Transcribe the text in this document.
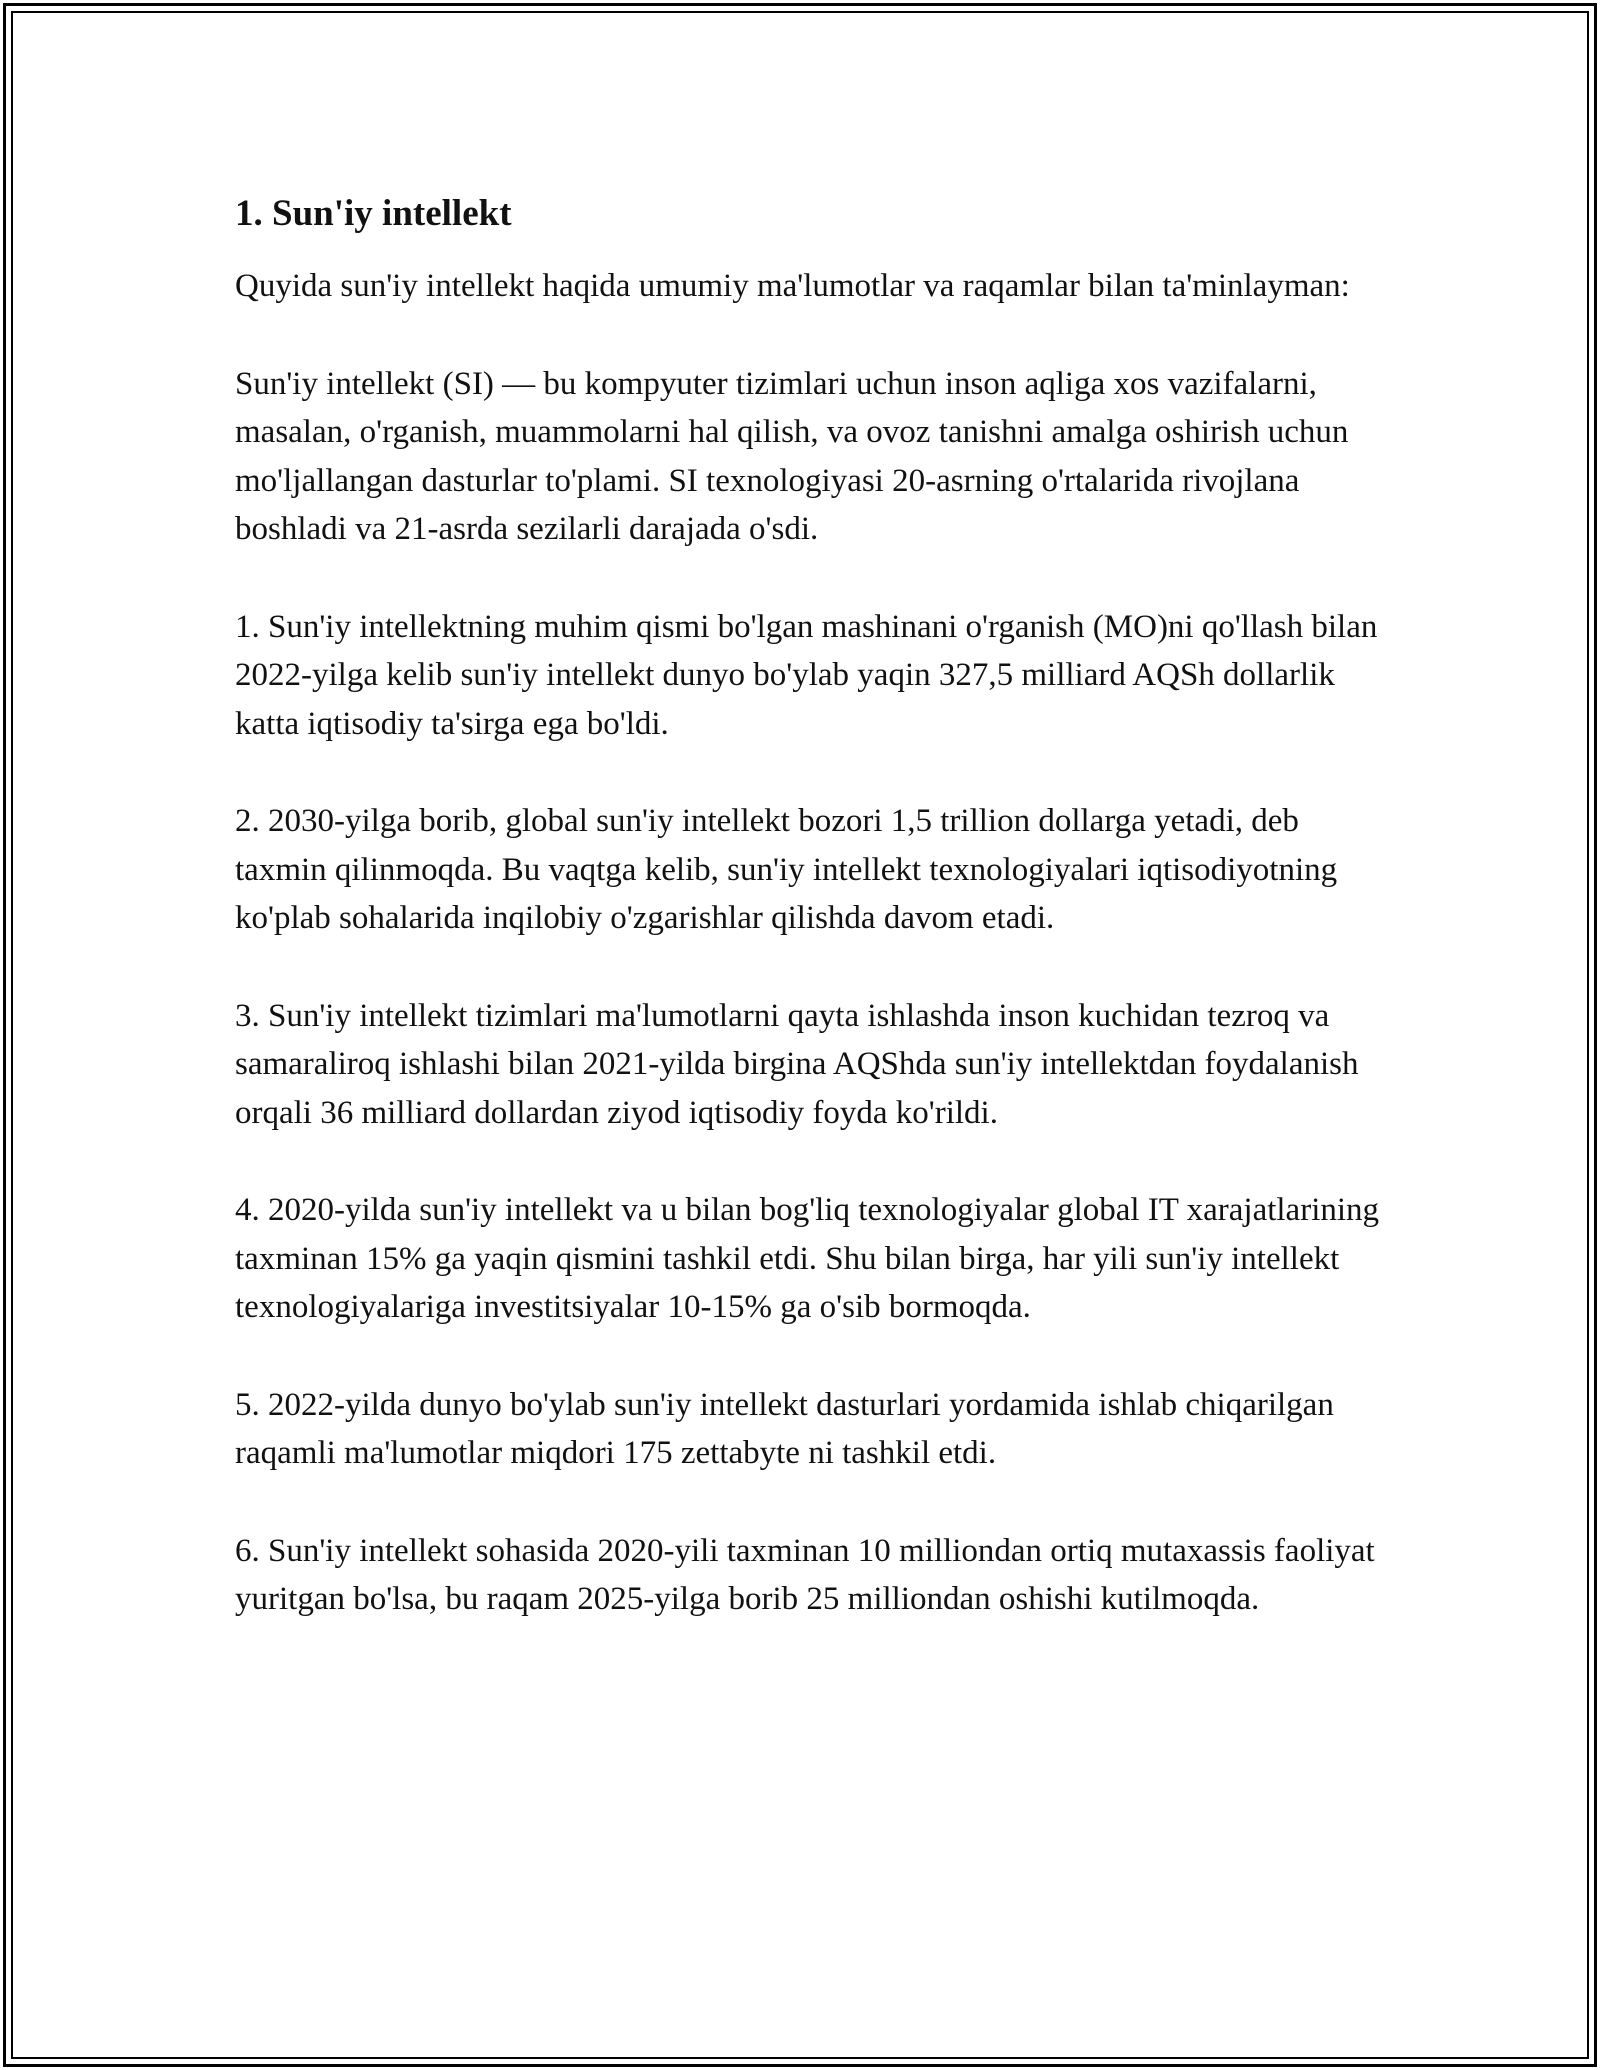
1. Sun'iy intellekt

Quyida sun'iy intellekt haqida umumiy ma'lumotlar va raqamlar bilan ta'minlayman:

Sun'iy intellekt (SI) — bu kompyuter tizimlari uchun inson aqliga xos vazifalarni, masalan, o'rganish, muammolarni hal qilish, va ovoz tanishni amalga oshirish uchun mo'ljallangan dasturlar to'plami. SI texnologiyasi 20-asrning o'rtalarida rivojlana boshladi va 21-asrda sezilarli darajada o'sdi.

1. Sun'iy intellektning muhim qismi bo'lgan mashinani o'rganish (MO)ni qo'llash bilan 2022-yilga kelib sun'iy intellekt dunyo bo'ylab yaqin 327,5 milliard AQSh dollarlik katta iqtisodiy ta'sirga ega bo'ldi.

2. 2030-yilga borib, global sun'iy intellekt bozori 1,5 trillion dollarga yetadi, deb taxmin qilinmoqda. Bu vaqtga kelib, sun'iy intellekt texnologiyalari iqtisodiyotning ko'plab sohalarida inqilobiy o'zgarishlar qilishda davom etadi.

3. Sun'iy intellekt tizimlari ma'lumotlarni qayta ishlashda inson kuchidan tezroq va samaraliroq ishlashi bilan 2021-yilda birgina AQShda sun'iy intellektdan foydalanish orqali 36 milliard dollardan ziyod iqtisodiy foyda ko'rildi.

4. 2020-yilda sun'iy intellekt va u bilan bog'liq texnologiyalar global IT xarajatlarining taxminan 15% ga yaqin qismini tashkil etdi. Shu bilan birga, har yili sun'iy intellekt texnologiyalariga investitsiyalar 10-15% ga o'sib bormoqda.

5. 2022-yilda dunyo bo'ylab sun'iy intellekt dasturlari yordamida ishlab chiqarilgan raqamli ma'lumotlar miqdori 175 zettabyte ni tashkil etdi.

6. Sun'iy intellekt sohasida 2020-yili taxminan 10 milliondan ortiq mutaxassis faoliyat yuritgan bo'lsa, bu raqam 2025-yilga borib 25 milliondan oshishi kutilmoqda.
